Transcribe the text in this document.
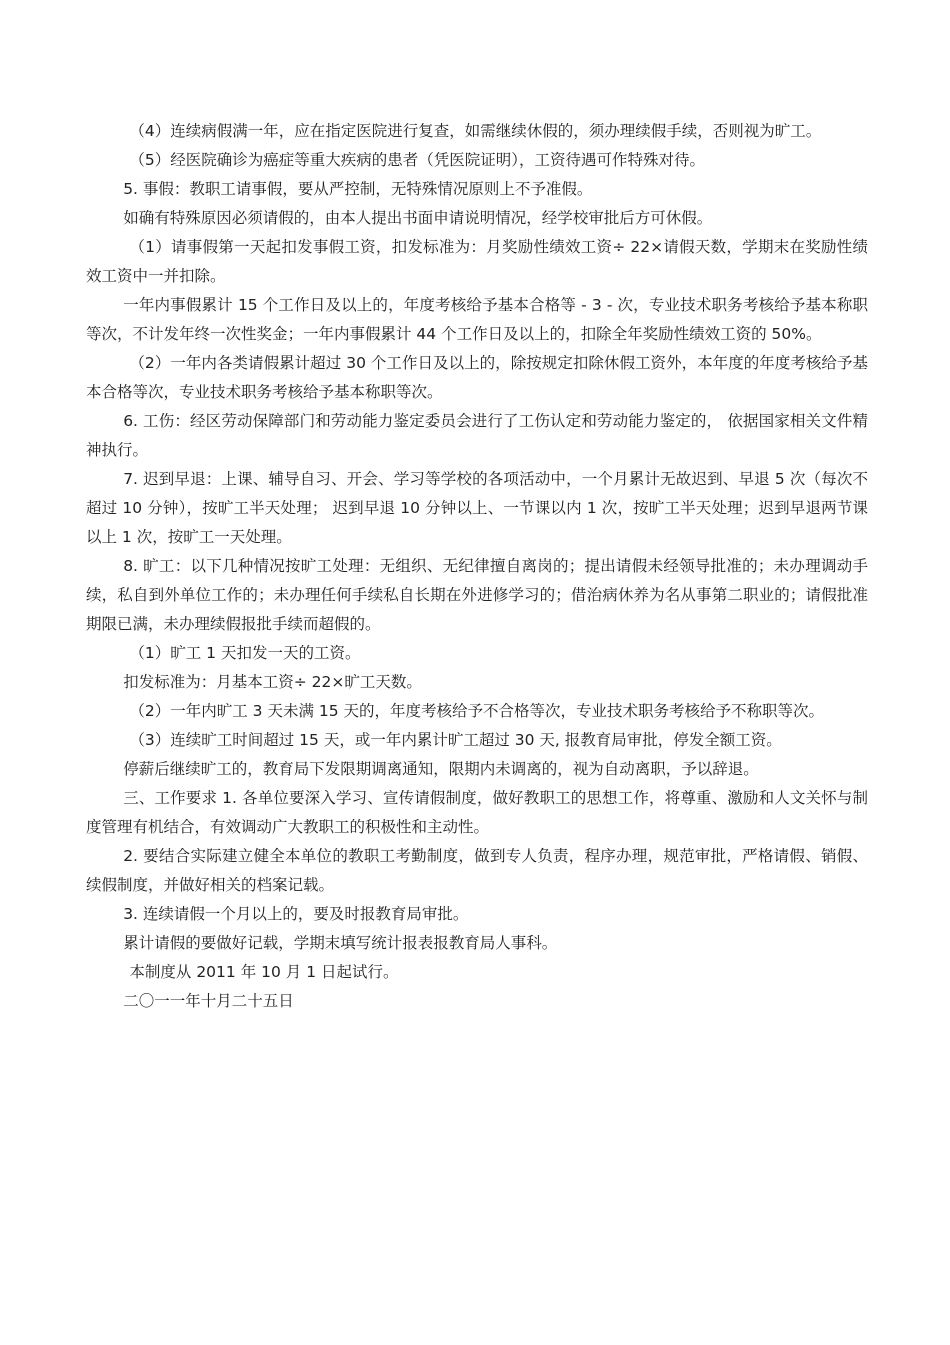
（4）连续病假满一年，应在指定医院进行复查，如需继续休假的，须办理续假手续，否则视为旷工。

（5）经医院确诊为癌症等重大疾病的患者（凭医院证明），工资待遇可作特殊对待。

5. 事假：教职工请事假，要从严控制，无特殊情况原则上不予准假。

如确有特殊原因必须请假的，由本人提出书面申请说明情况，经学校审批后方可休假。

（1）请事假第一天起扣发事假工资，扣发标准为：月奖励性绩效工资÷ 22×请假天数，学期末在奖励性绩效工资中一并扣除。

一年内事假累计 15 个工作日及以上的，年度考核给予基本合格等 - 3 - 次，专业技术职务考核给予基本称职等次，不计发年终一次性奖金；一年内事假累计 44 个工作日及以上的，扣除全年奖励性绩效工资的 50%。

（2）一年内各类请假累计超过 30 个工作日及以上的，除按规定扣除休假工资外，本年度的年度考核给予基本合格等次，专业技术职务考核给予基本称职等次。

6. 工伤：经区劳动保障部门和劳动能力鉴定委员会进行了工伤认定和劳动能力鉴定的， 依据国家相关文件精神执行。

7. 迟到早退：上课、辅导自习、开会、学习等学校的各项活动中，一个月累计无故迟到、早退 5 次（每次不超过 10 分钟），按旷工半天处理； 迟到早退 10 分钟以上、一节课以内 1 次，按旷工半天处理；迟到早退两节课以上 1 次，按旷工一天处理。

8. 旷工：以下几种情况按旷工处理：无组织、无纪律擅自离岗的；提出请假未经领导批准的；未办理调动手续，私自到外单位工作的；未办理任何手续私自长期在外进修学习的；借治病休养为名从事第二职业的；请假批准期限已满，未办理续假报批手续而超假的。

（1）旷工 1 天扣发一天的工资。

扣发标准为：月基本工资÷ 22×旷工天数。

（2）一年内旷工 3 天未满 15 天的，年度考核给予不合格等次，专业技术职务考核给予不称职等次。

（3）连续旷工时间超过 15 天，或一年内累计旷工超过 30 天, 报教育局审批，停发全额工资。

停薪后继续旷工的，教育局下发限期调离通知，限期内未调离的，视为自动离职，予以辞退。

三、工作要求 1. 各单位要深入学习、宣传请假制度，做好教职工的思想工作，将尊重、激励和人文关怀与制度管理有机结合，有效调动广大教职工的积极性和主动性。

2. 要结合实际建立健全本单位的教职工考勤制度，做到专人负责，程序办理，规范审批，严格请假、销假、续假制度，并做好相关的档案记载。

3. 连续请假一个月以上的，要及时报教育局审批。

累计请假的要做好记载，学期末填写统计报表报教育局人事科。

本制度从 2011 年 10 月 1 日起试行。

二〇一一年十月二十五日
